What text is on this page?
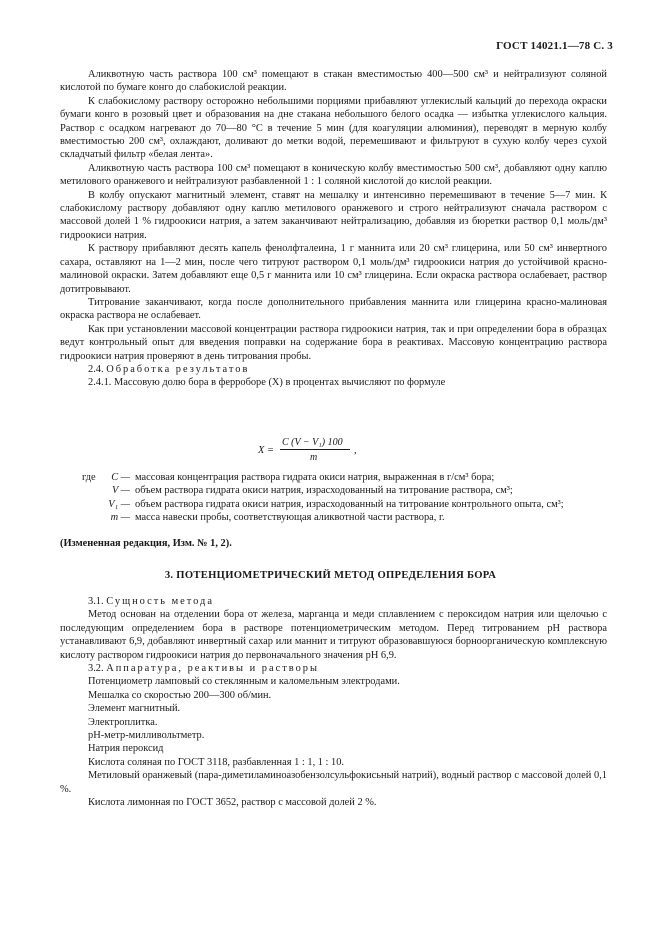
ГОСТ 14021.1—78 С. 3

Аликвотную часть раствора 100 см³ помещают в стакан вместимостью 400—500 см³ и нейтрализуют соляной кислотой по бумаге конго до слабокислой реакции.

К слабокислому раствору осторожно небольшими порциями прибавляют углекислый кальций до перехода окраски бумаги конго в розовый цвет и образования на дне стакана небольшого белого осадка — избытка углекислого кальция. Раствор с осадком нагревают до 70—80 °С в течение 5 мин (для коагуляции алюминия), переводят в мерную колбу вместимостью 200 см³, охлаждают, доливают до метки водой, перемешивают и фильтруют в сухую колбу через сухой складчатый фильтр «белая лента».

Аликвотную часть раствора 100 см³ помещают в коническую колбу вместимостью 500 см³, добавляют одну каплю метилового оранжевого и нейтрализуют разбавленной 1 : 1 соляной кислотой до кислой реакции.

В колбу опускают магнитный элемент, ставят на мешалку и интенсивно перемешивают в течение 5—7 мин. К слабокислому раствору добавляют одну каплю метилового оранжевого и строго нейтрализуют сначала раствором с массовой долей 1 % гидроокиси натрия, а затем заканчивают нейтрализацию, добавляя из бюретки раствор 0,1 моль/дм³ гидроокиси натрия.

К раствору прибавляют десять капель фенолфталеина, 1 г маннита или 20 см³ глицерина, или 50 см³ инвертного сахара, оставляют на 1—2 мин, после чего титруют раствором 0,1 моль/дм³ гидроокиси натрия до устойчивой красно-малиновой окраски. Затем добавляют еще 0,5 г маннита или 10 см³ глицерина. Если окраска раствора ослабевает, раствор дотитровывают.

Титрование заканчивают, когда после дополнительного прибавления маннита или глицерина красно-малиновая окраска раствора не ослабевает.

Как при установлении массовой концентрации раствора гидроокиси натрия, так и при определении бора в образцах ведут контрольный опыт для введения поправки на содержание бора в реактивах. Массовую концентрацию раствора гидроокиси натрия проверяют в день титрования пробы.

2.4. Обработка результатов

2.4.1. Массовую долю бора в ферроборе (X) в процентах вычисляют по формуле

X =
C (V − V₁) 100
m
,
где	C — массовая концентрация раствора гидрата окиси натрия, выраженная в г/см³ бора;
V — объем раствора гидрата окиси натрия, израсходованный на титрование раствора, см³;
V₁ — объем раствора гидрата окиси натрия, израсходованный на титрование контрольного опыта, см³;
m — масса навески пробы, соответствующая аликвотной части раствора, г.
(Измененная редакция, Изм. № 1, 2).
3. ПОТЕНЦИОМЕТРИЧЕСКИЙ МЕТОД ОПРЕДЕЛЕНИЯ БОРА

3.1. Сущность метода

Метод основан на отделении бора от железа, марганца и меди сплавлением с пероксидом натрия или щелочью с последующим определением бора в растворе потенциометрическим методом. Перед титрованием рН раствора устанавливают 6,9, добавляют инвертный сахар или маннит и титруют образовавшуюся борноорганическую комплексную кислоту раствором гидроокиси натрия до первоначального значения рН 6,9.

3.2. Аппаратура, реактивы и растворы

Потенциометр ламповый со стеклянным и каломельным электродами.

Мешалка со скоростью 200—300 об/мин.

Элемент магнитный.

Электроплитка.

рН-метр-милливольтметр.

Натрия пероксид

Кислота соляная по ГОСТ 3118, разбавленная 1 : 1, 1 : 10.

Метиловый оранжевый (пара-диметиламиноазобензолсульфокисьный натрий), водный раствор с массовой долей 0,1 %.

Кислота лимонная по ГОСТ 3652, раствор с массовой долей 2 %.
